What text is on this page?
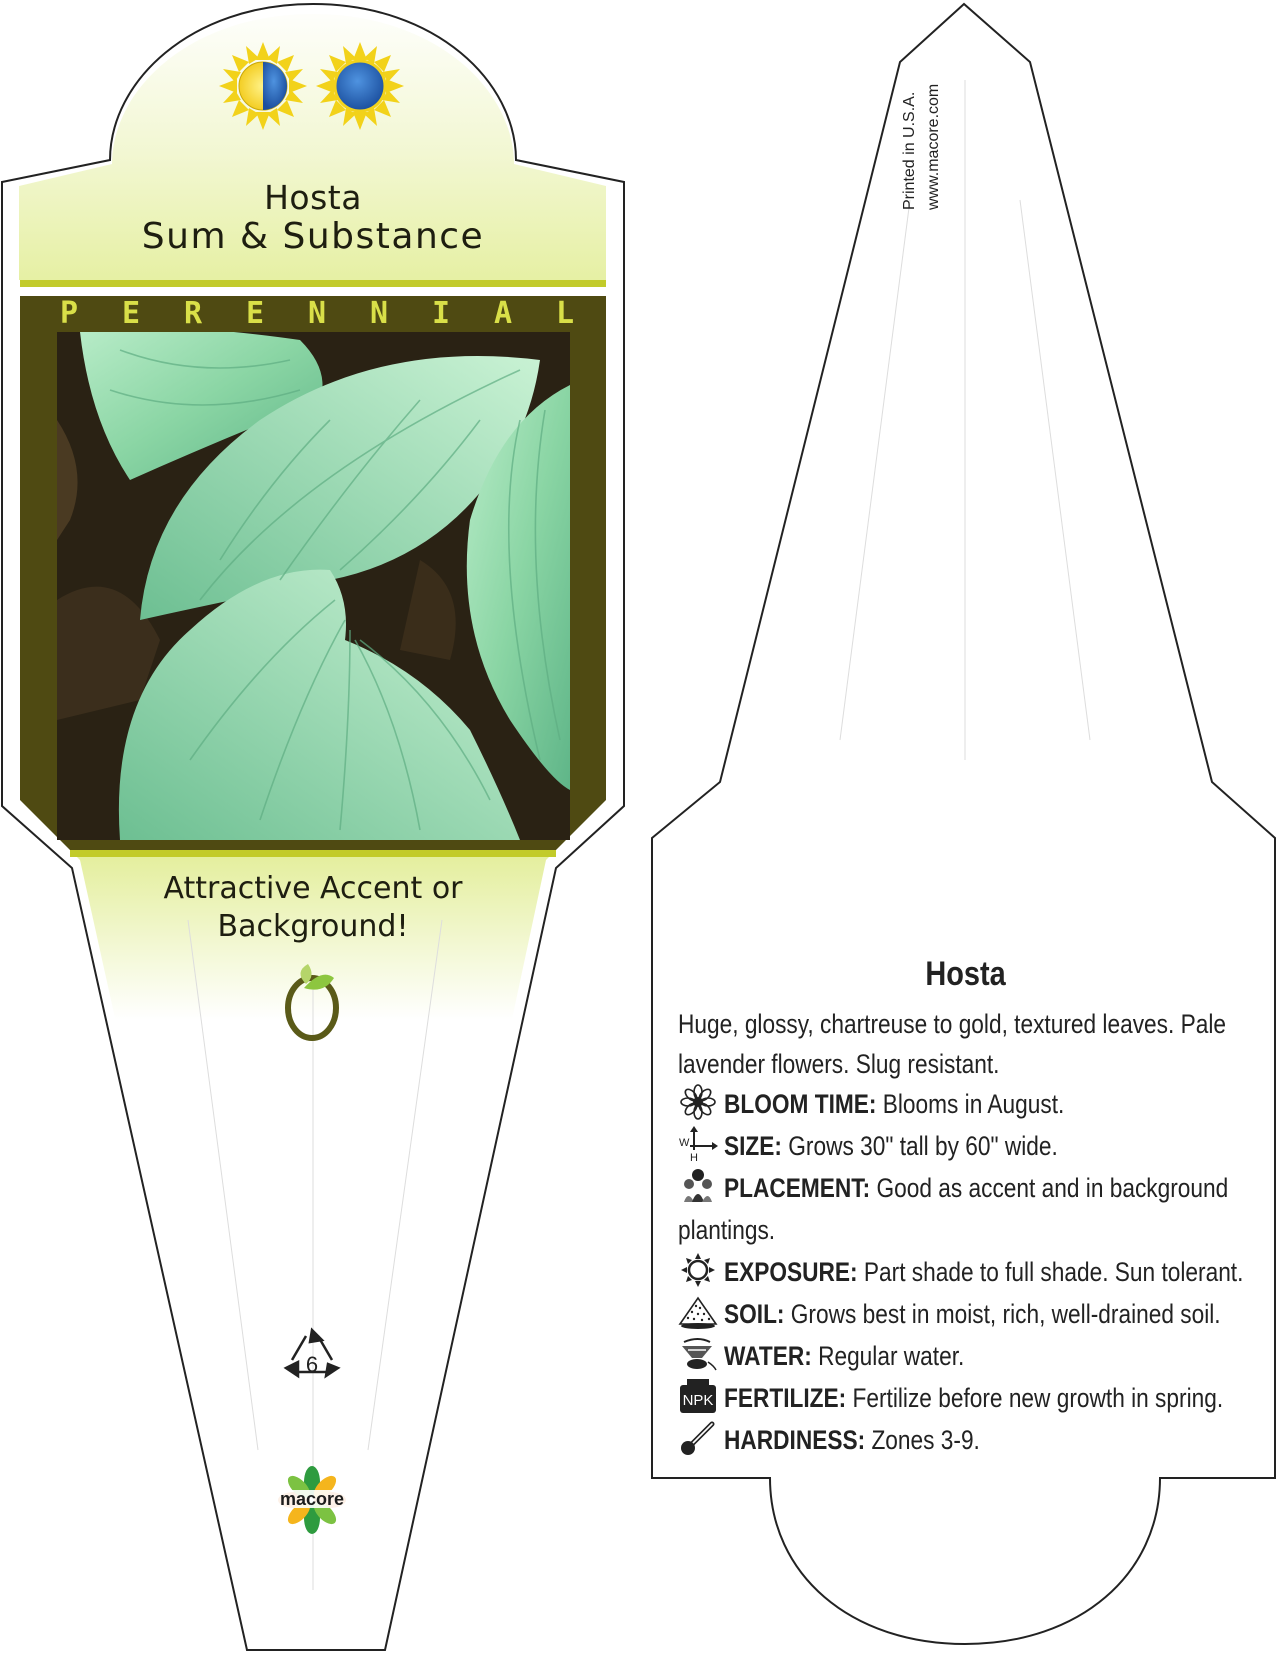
Hosta
Sum & Substance
P E R E N N I A L
Attractive Accent or
Background!
6
macore
Printed in U.S.A. www.macore.com
Hosta
Huge, glossy, chartreuse to gold, textured leaves. Pale
lavender flowers. Slug resistant.
BLOOM TIME: Blooms in August.
W
H SIZE: Grows 30" tall by 60" wide.
PLACEMENT: Good as accent and in background
plantings.
EXPOSURE: Part shade to full shade. Sun tolerant.
SOIL: Grows best in moist, rich, well-drained soil.
WATER: Regular water.
NPK FERTILIZE: Fertilize before new growth in spring.
HARDINESS: Zones 3-9.
